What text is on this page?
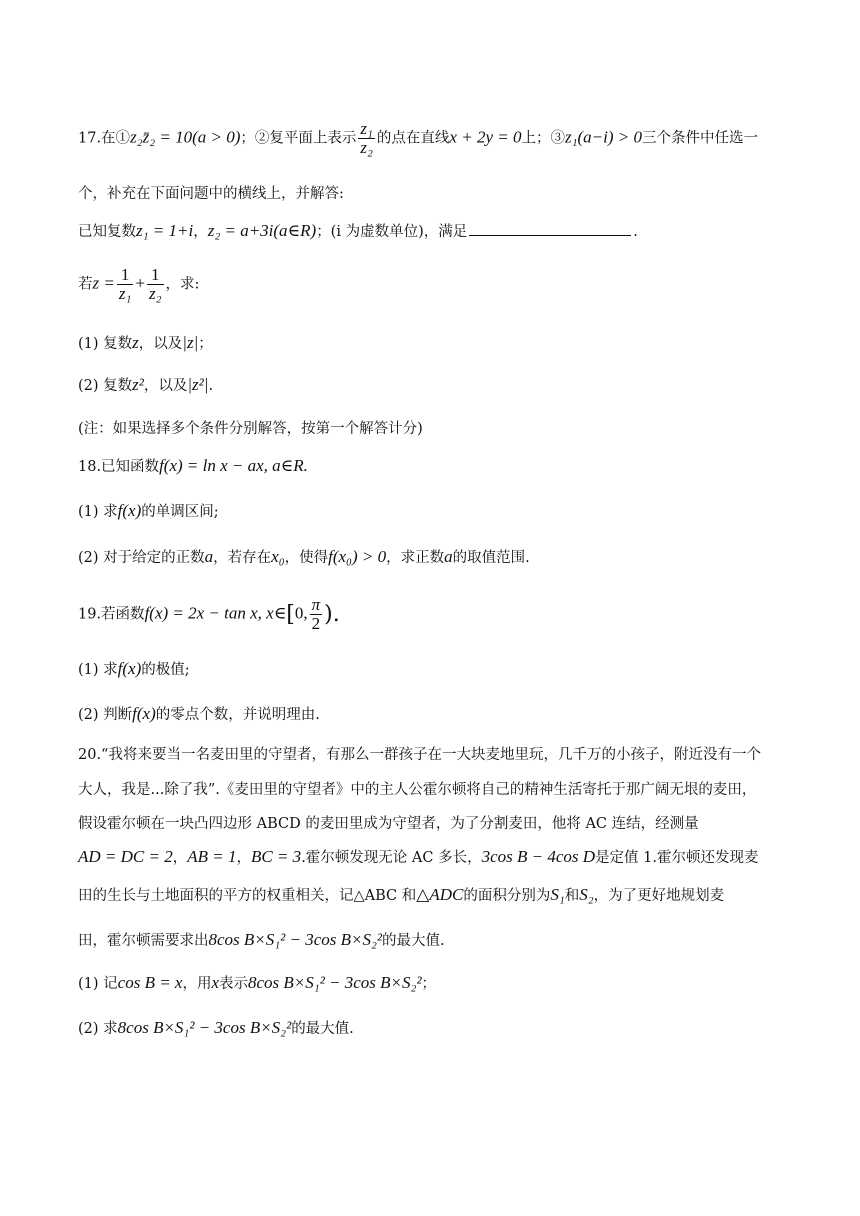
17.在①z₂z̄₂ = 10(a > 0)；②复平面上表示 $\frac{\text{z₁}}{\text{z₂}}$ 的点在直线x + 2y = 0上；③z₁(a−i) > 0三个条件中任选一
个，补充在下面问题中的横线上，并解答:
已知复数z₁ = 1+i，z₂ = a+3i(a∈R)；(i 为虚数单位)，满足	.
若$z = \frac{1}{\text{z₁}} + \frac{1}{\text{z₂}}$ ，求:
(1) 复数z，以及|z|；
(2) 复数z²，以及|z²|.
(注：如果选择多个条件分别解答，按第一个解答计分)
18.已知函数f(x) = ln x − ax, a∈R.
(1) 求f(x)的单调区间;
(2) 对于给定的正数a，若存在x₀，使得f(x₀) > 0，求正数a的取值范围.
19.若函数f(x) = 2x − tan x, x∈[0, $\frac{\pi}{2}$ ).
(1) 求f(x)的极值;
(2) 判断f(x)的零点个数，并说明理由.
20.“我将来要当一名麦田里的守望者，有那么一群孩子在一大块麦地里玩，几千万的小孩子，附近没有一个
大人，我是...除了我”.《麦田里的守望者》中的主人公霍尔顿将自己的精神生活寄托于那广阔无垠的麦田，
假设霍尔顿在一块凸四边形 ABCD 的麦田里成为守望者，为了分割麦田，他将 AC 连结，经测量
AD = DC = 2，AB = 1，BC = 3.霍尔顿发现无论 AC 多长，3cos B − 4cos D是定值 1.霍尔顿还发现麦
田的生长与土地面积的平方的权重相关，记△ABC 和△ADC的面积分别为S₁和S₂，为了更好地规划麦
田，霍尔顿需要求出8cos B×S₁² − 3cos B×S₂²的最大值.
(1) 记cos B = x，用x表示8cos B×S₁² − 3cos B×S₂²；
(2) 求8cos B×S₁² − 3cos B×S₂²的最大值.
